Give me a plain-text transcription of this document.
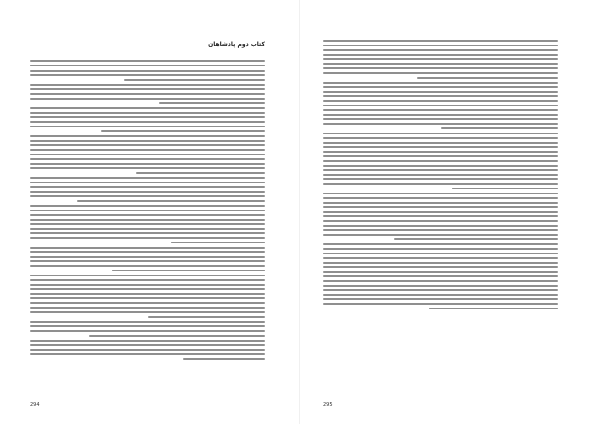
کتاب دوم پادشاهان
294	295
